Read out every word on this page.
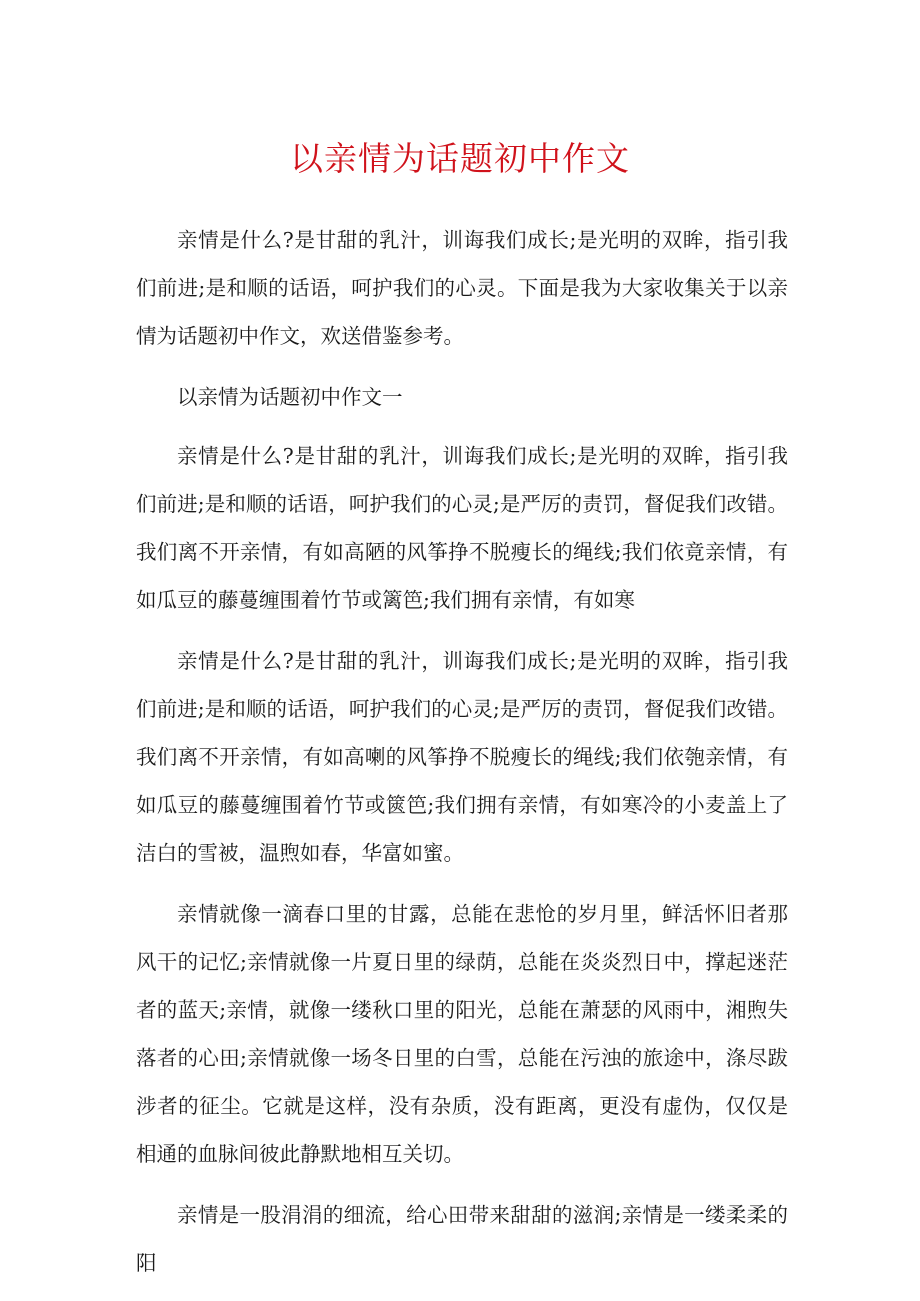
以亲情为话题初中作文

亲情是什么?是甘甜的乳汁，训诲我们成长;是光明的双眸，指引我们前进;是和顺的话语，呵护我们的心灵。下面是我为大家收集关于以亲情为话题初中作文，欢送借鉴参考。

以亲情为话题初中作文一

亲情是什么?是甘甜的乳汁，训诲我们成长;是光明的双眸，指引我们前进;是和顺的话语，呵护我们的心灵;是严厉的责罚，督促我们改错。我们离不开亲情，有如高陋的风筝挣不脱瘦长的绳线;我们依竟亲情，有如瓜豆的藤蔓缠围着竹节或篱笆;我们拥有亲情，有如寒

亲情是什么?是甘甜的乳汁，训诲我们成长;是光明的双眸，指引我们前进;是和顺的话语，呵护我们的心灵;是严厉的责罚，督促我们改错。我们离不开亲情，有如高喇的风筝挣不脱瘦长的绳线;我们依匏亲情，有如瓜豆的藤蔓缠围着竹节或篋笆;我们拥有亲情，有如寒冷的小麦盖上了洁白的雪被，温煦如春，华富如蜜。

亲情就像一滴春口里的甘露，总能在悲怆的岁月里，鲜活怀旧者那风干的记忆;亲情就像一片夏日里的绿荫，总能在炎炎烈日中，撑起迷茫者的蓝天;亲情，就像一缕秋口里的阳光，总能在萧瑟的风雨中，湘煦失落者的心田;亲情就像一场冬日里的白雪，总能在污浊的旅途中，涤尽跋涉者的征尘。它就是这样，没有杂质，没有距离，更没有虚伪，仅仅是相通的血脉间彼此静默地相互关切。

亲情是一股涓涓的细流，给心田带来甜甜的滋润;亲情是一缕柔柔的阳
